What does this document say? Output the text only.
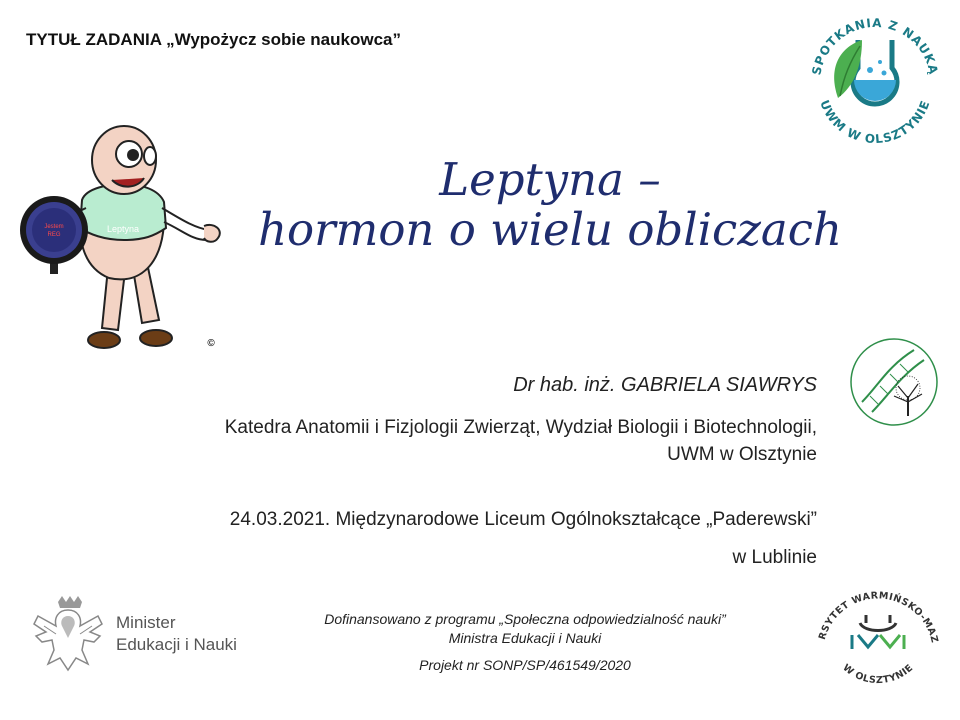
TYTUŁ ZADANIA „Wypożycz sobie naukowca”
SPOTKANIA Z NAUKĄ
UWM W OLSZTYNIE
Leptyna
Jestem
REG
©
Leptyna –
hormon o wielu obliczach
Dr hab. inż. GABRIELA SIAWRYS
Katedra Anatomii i Fizjologii Zwierząt, Wydział Biologii i Biotechnologii,
UWM w Olsztynie
24.03.2021. Międzynarodowe Liceum Ogólnokształcące „Paderewski”
w Lublinie
Minister
Edukacji i Nauki
Dofinansowano z programu „Społeczna odpowiedzialność nauki”
Ministra Edukacji i Nauki
Projekt nr SONP/SP/461549/2020
RSYTET WARMIŃSKO-MAZ
W OLSZTYNIE
